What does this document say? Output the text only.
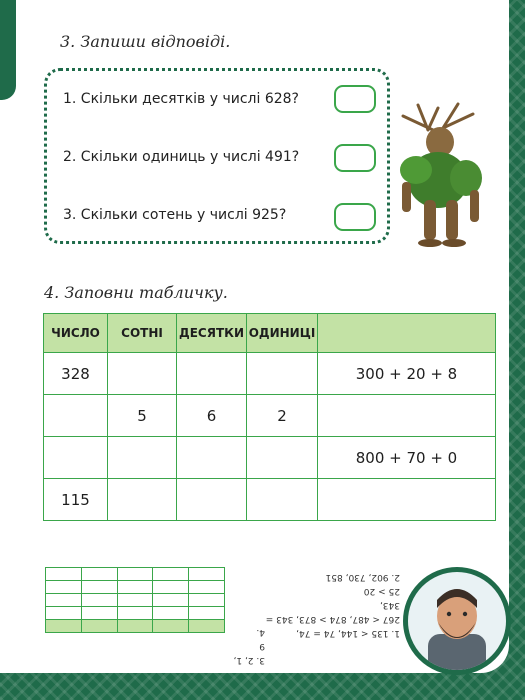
3. Запиши відповіді.
1. Скільки десятків у числі 628?
2. Скільки одиниць у числі 491?
3. Скільки сотень у числі 925?
4. Заповни табличку.
ЧИСЛО	СОТНІ	ДЕСЯТКИ	ОДИНИЦІ	
328				300 + 20 + 8
	5	6	2	
				800 + 70 + 0
115				
1. 135 < 144, 74 = 74,
267 < 487, 874 > 873, 343 = 343,
25 > 20
2. 902, 730, 851
3. 2, 1, 9
4.
